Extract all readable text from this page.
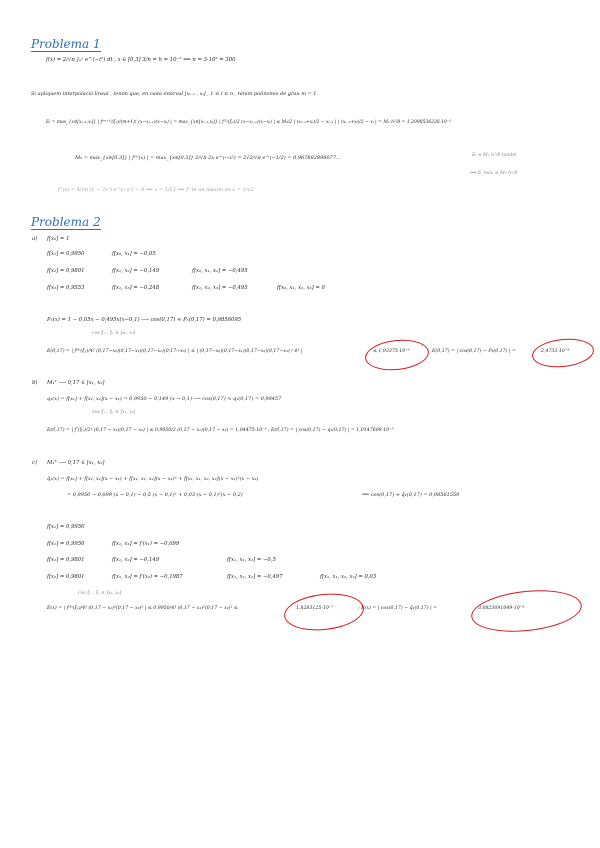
Problema 1
f(x) = 2/√π ∫₀ˣ e^(−t²) dt , x ∈ [0,3] 3/n = h = 10⁻² ⟹ n = 3·10² = 300
Si apliquem interpolació lineal , tenim que, en cada interval [xᵢ₋₁ , xᵢ] , 1 ≤ i ≤ n , tenim polinomis de grau m = 1
Eᵢ = max_{x∈[xᵢ₋₁,xᵢ]} | f⁽ᵐ⁺¹⁾(ξₓ)/(m+1)! (x−xᵢ₋₁)(x−xᵢ) | = max_{x∈[xᵢ₋₁,xᵢ]} | f⁽²⁾(ξₓ)/2 (x−xᵢ₋₁)(x−xᵢ) | ≤ M₂/2 | (xᵢ₋₁+xᵢ)/2 − xᵢ₋₁ | | (xᵢ₋₁+xᵢ)/2 − xᵢ | = M₂ h²/8 = 1,2098536226·10⁻⁵
M₂ = max_{x∈[0,3]} | f⁽²⁾(x) | = max_{x∈[0,3]} 2/√π 2x e^(−x²) = 2√2/√π e^(−1/2) = 0,967882898077…	Eᵢ ≤ M₂ h²/8 també
⟹ E_màx ≤ M₂ h²/8
f‴(x) = 4/√π (1 − 2x²) e^(−x²) = 0 ⟺ x = 1/√2 ⟹ f″ té un màxim en x = 1/√2
Problema 2
a) f[x₀] = 1
f[x₁] = 0,9950	f[x₀, x₁] = −0,05
f[x₂] = 0,9801	f[x₁, x₂] = −0,149	f[x₀, x₁, x₂] = −0,495
f[x₃] = 0,9553	f[x₂, x₃] = −0,248	f[x₁, x₂, x₃] = −0,495	f[x₀, x₁, x₂, x₃] = 0
P₃(x) = 1 − 0,05x − 0,495x(x−0,1) ⟶ cos(0,17) ≈ P₃(0,17) = 0,9856095
cos ξₓ , ξₓ ∈ ]x₀, x₃[
E(0,17) = | f⁽⁴⁾(ξₓ)/4! (0,17−x₀)(0,17−x₁)(0,17−x₂)(0,17−x₃) | ≤ | (0,17−x₀)(0,17−x₁)(0,17−x₂)(0,17−x₃) / 4! |	≤ 1,93375·10⁻⁶	E(0,17) = | cos(0,17) − P₃(0,17) | =	2,4733·10⁻⁸
b) M₁² ⟶ 0,17 ∈ [x₁, x₂]
q₁(x) = f[x₁] + f[x₁, x₂](x − x₁) = 0,9950 − 0,149 (x − 0,1) ⟶ cos(0,17) ≈ q₁(0,17) = 0,98457
cos ξₓ , ξₓ ∈ ]x₁, x₂[
E(0,17) = | f″(ξₓ)/2! (0,17 − x₁)(0,17 − x₂) | ≤ 0,9950/2 (0,17 − x₁)(0,17 − x₂) = 1,04475·10⁻³ ; E(0,17) = | cos(0,17) − q₁(0,17) | = 1,0147609·10⁻³
c) M₁³ ⟶ 0,17 ∈ [x₁, x₂]
q̃₁(x) = f[x₁] + f[x₁, x₁](x − x₁) + f[x₁, x₁, x₂](x − x₁)² + f[x₁, x₁, x₂, x₂](x − x₁)²(x − x₂)
= 0,9950 − 0,099 (x − 0,1) − 0,5 (x − 0,1)² + 0,03 (x − 0,1)²(x − 0,2)	⟹ cos(0,17) ≈ q̃₁(0,17) = 0,98561559
f[x₁] = 0,9950
f[x₁] = 0,9950	f[x₁, x₁] = f′(x₁) = −0,099
f[x₂] = 0,9801	f[x₁, x₂] = −0,149	f[x₁, x₁, x₂] = −0,5
f[x₂] = 0,9801	f[x₂, x₂] = f′(x₂) = −0,1987	f[x₁, x₂, x₂] = −0,497	f[x₁, x₁, x₂, x₂] = 0,03
cos ξₓ , ξₓ ∈ ]x₁, x₂[
E(x) = | f⁽⁴⁾(ξₓ)/4! (0,17 − x₁)²(0,17 − x₂)² | ≤ 0,9950/4! (0,17 − x₁)²(0,17 − x₂)² ≤	1,8283125·10⁻⁷	; E(x) = | cos(0,17) − q̃₁(0,17) | =	3,0823091049·10⁻⁸
